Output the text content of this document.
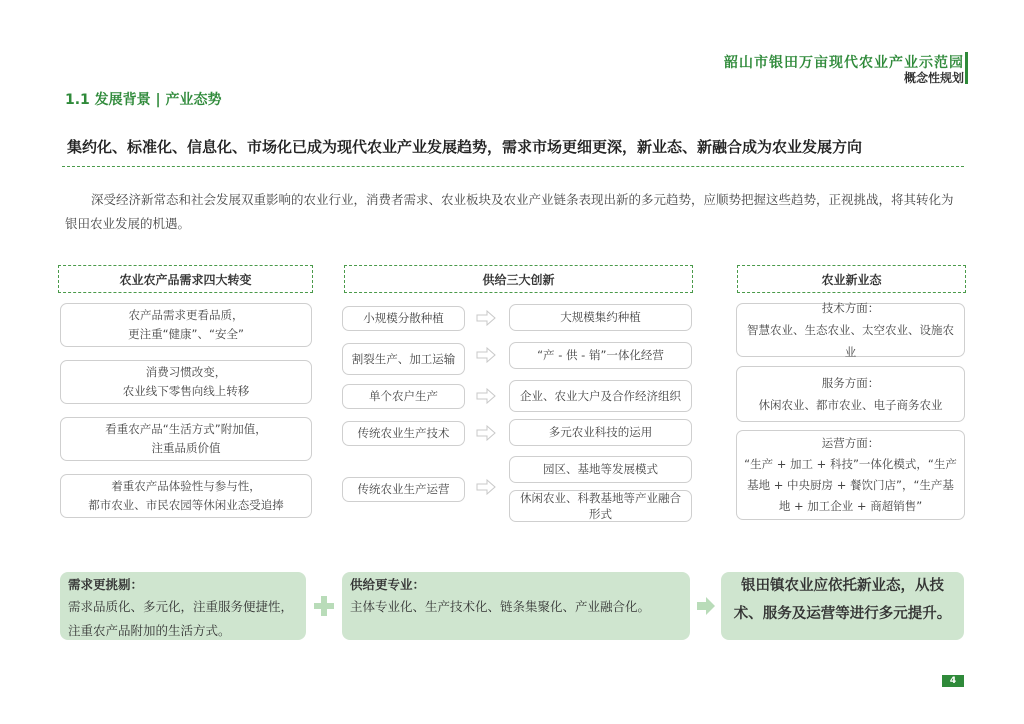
韶山市银田万亩现代农业产业示范园
概念性规划
1.1 发展背景 | 产业态势
集约化、标准化、信息化、市场化已成为现代农业产业发展趋势，需求市场更细更深，新业态、新融合成为农业发展方向
深受经济新常态和社会发展双重影响的农业行业，消费者需求、农业板块及农业产业链条表现出新的多元趋势，应顺势把握这些趋势，正视挑战，将其转化为银田农业发展的机遇。
农业农产品需求四大转变	供给三大创新	农业新业态
农产品需求更看品质，
更注重“健康”、“安全”
消费习惯改变，
农业线下零售向线上转移
看重农产品“生活方式”附加值，
注重品质价值
着重农产品体验性与参与性，
都市农业、市民农园等休闲业态受追捧
小规模分散种植
割裂生产、加工运输
单个农户生产
传统农业生产技术
传统农业生产运营
大规模集约种植
“产 - 供 - 销”一体化经营
企业、农业大户及合作经济组织
多元农业科技的运用
园区、基地等发展模式
休闲农业、科教基地等产业融合形式
技术方面：
智慧农业、生态农业、太空农业、设施农业
服务方面：
休闲农业、都市农业、电子商务农业
运营方面：
“生产 + 加工 + 科技”一体化模式，“生产基地 + 中央厨房 + 餐饮门店”，“生产基地 + 加工企业 + 商超销售”
需求更挑剔：
需求品质化、多元化，注重服务便捷性，注重农产品附加的生活方式。
供给更专业：
主体专业化、生产技术化、链条集聚化、产业融合化。
银田镇农业应依托新业态，从技术、服务及运营等进行多元提升。
4
